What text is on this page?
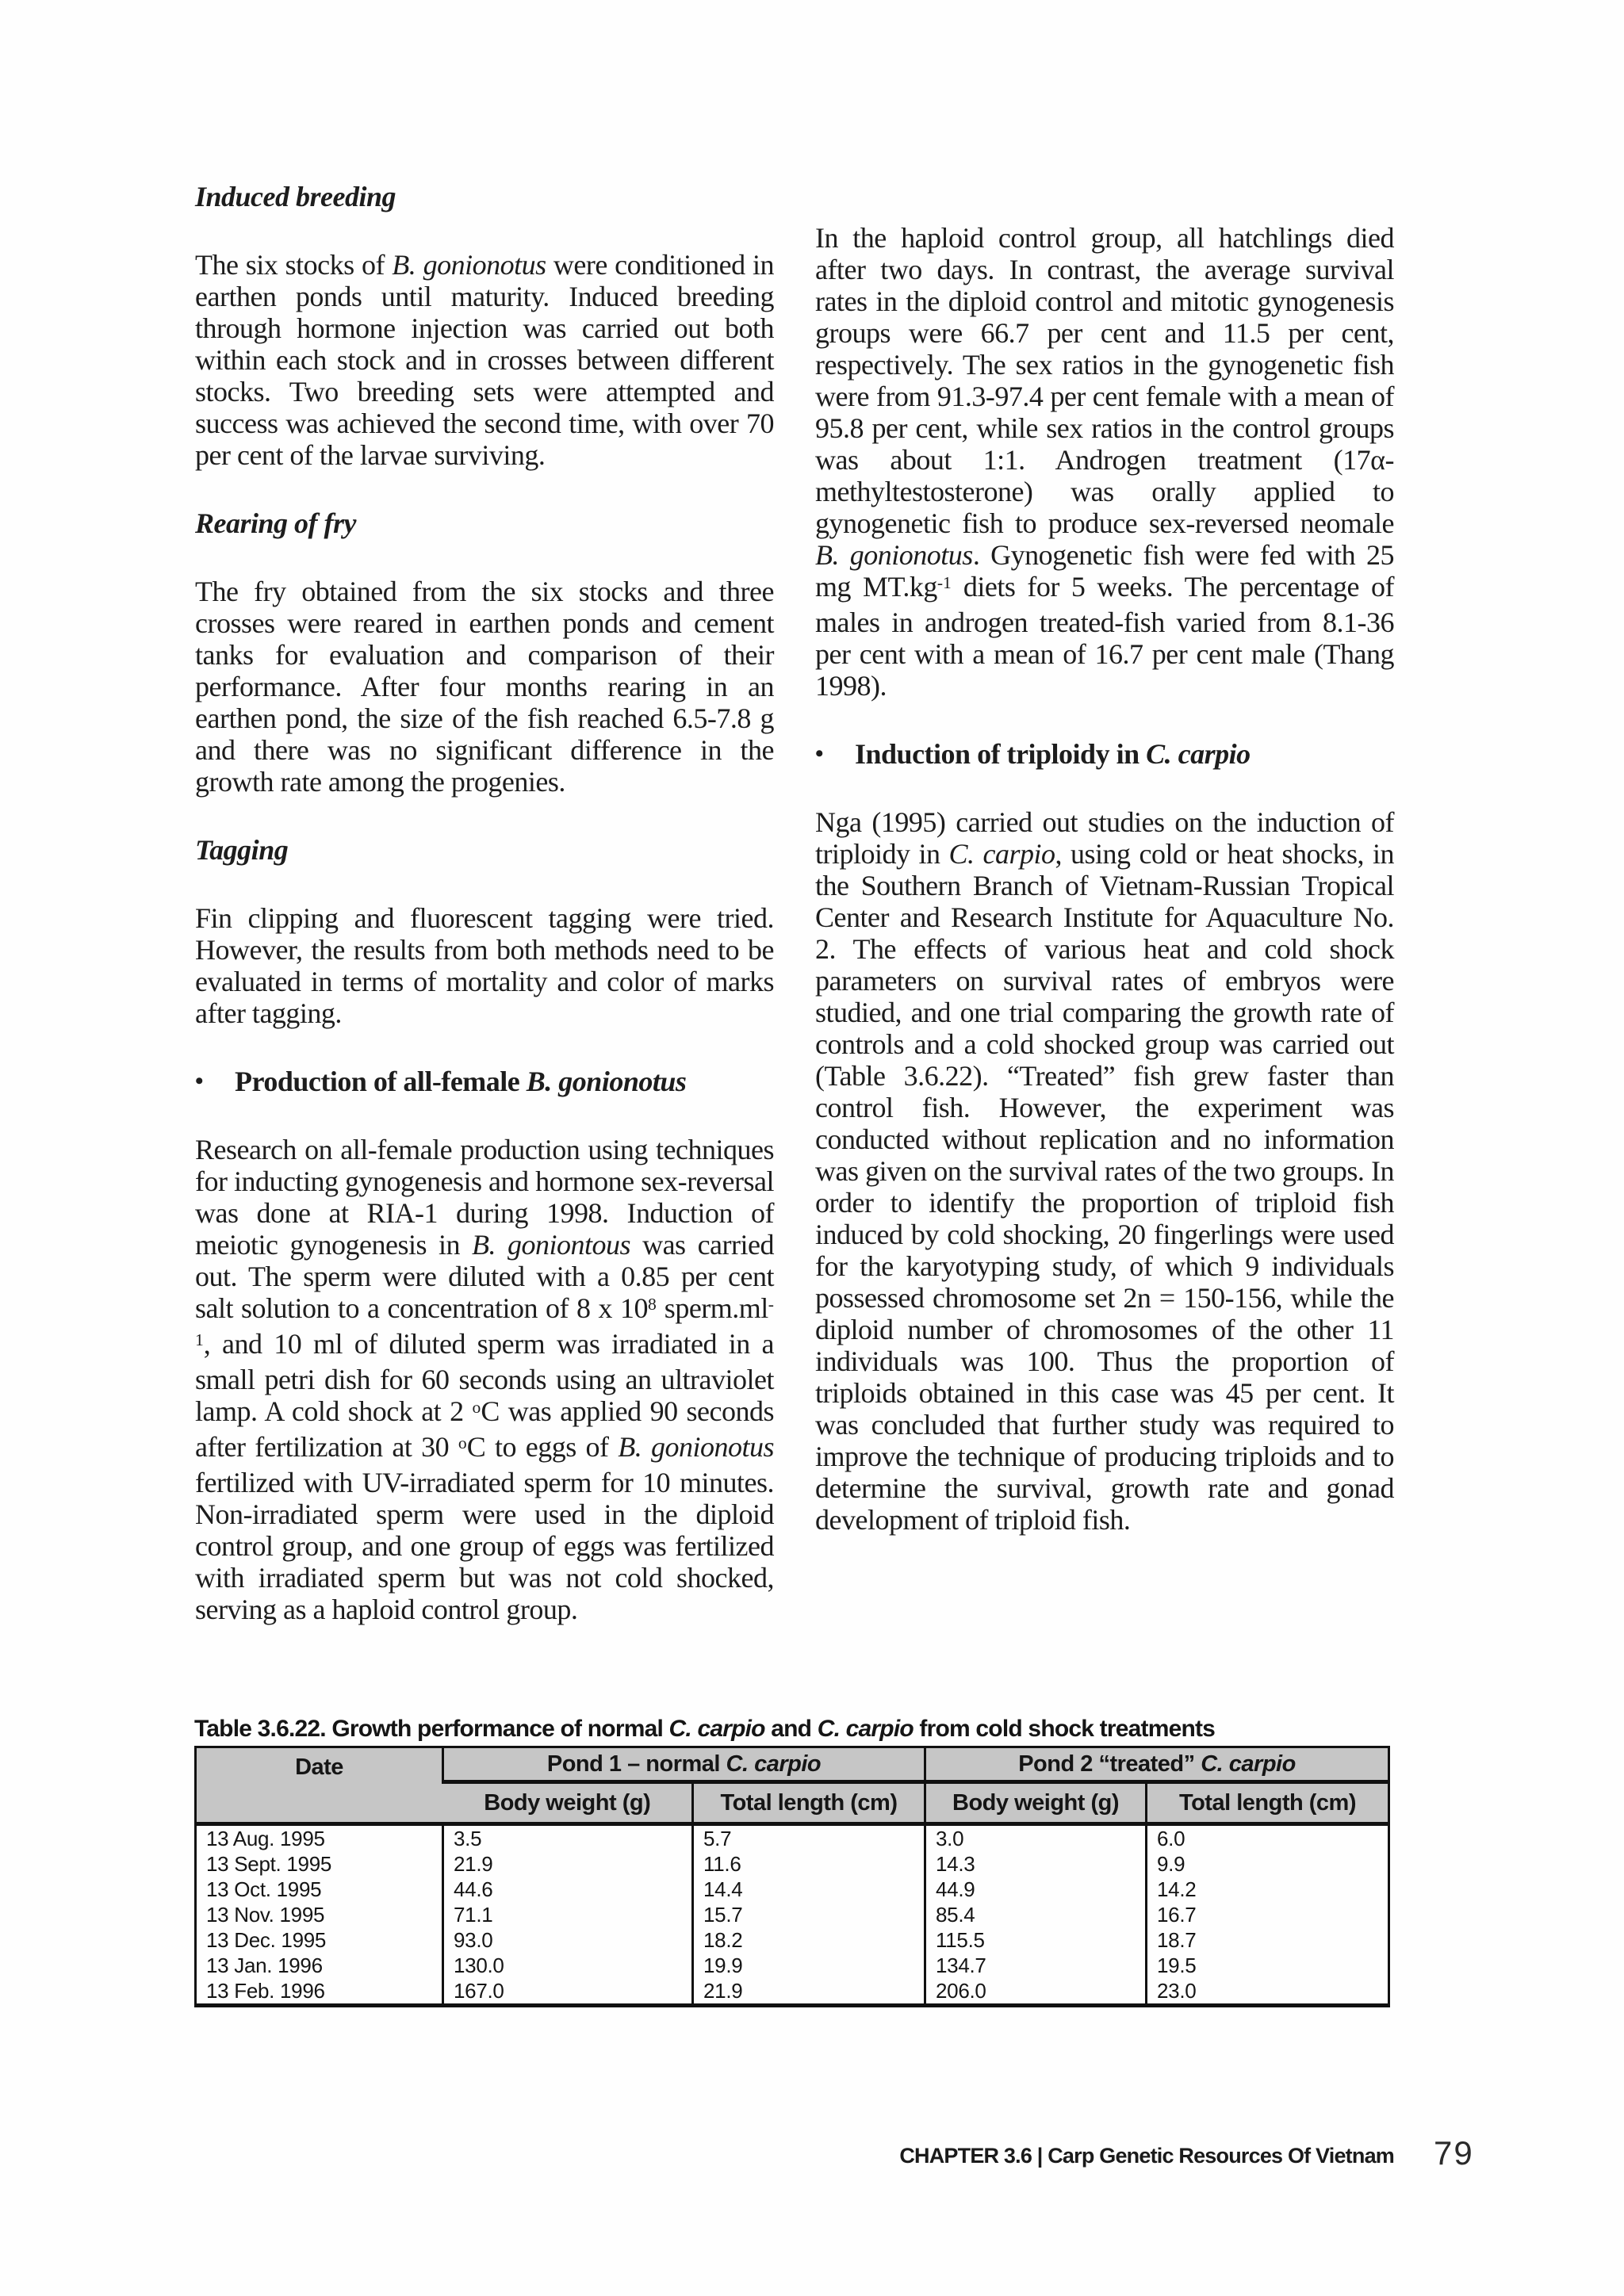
Induced breeding

The six stocks of B. gonionotus were conditioned in earthen ponds until maturity. Induced breeding through hormone injection was carried out both within each stock and in crosses between different stocks. Two breeding sets were attempted and success was achieved the second time, with over 70 per cent of the larvae surviving.

Rearing of fry

The fry obtained from the six stocks and three crosses were reared in earthen ponds and cement tanks for evaluation and comparison of their performance. After four months rearing in an earthen pond, the size of the fish reached 6.5-7.8 g and there was no significant difference in the growth rate among the progenies.

Tagging

Fin clipping and fluorescent tagging were tried. However, the results from both methods need to be evaluated in terms of mortality and color of marks after tagging.

•	Production of all-female B. gonionotus

Research on all-female production using techniques for inducting gynogenesis and hormone sex-reversal was done at RIA-1 during 1998. Induction of meiotic gynogenesis in B. goniontous was carried out. The sperm were diluted with a 0.85 per cent salt solution to a concentration of 8 x $10^8$ $sperm.ml^{-1}$, and 10 ml of diluted sperm was irradiated in a small petri dish for 60 seconds using an ultraviolet lamp. A cold shock at 2 $^o$C was applied 90 seconds after fertilization at 30 $^o$C to eggs of B. gonionotus fertilized with UV-irradiated sperm for 10 minutes. Non-irradiated sperm were used in the diploid control group, and one group of eggs was fertilized with irradiated sperm but was not cold shocked, serving as a haploid control group.

In the haploid control group, all hatchlings died after two days. In contrast, the average survival rates in the diploid control and mitotic gynogenesis groups were 66.7 per cent and 11.5 per cent, respectively. The sex ratios in the gynogenetic fish were from 91.3-97.4 per cent female with a mean of 95.8 per cent, while sex ratios in the control groups was about 1:1. Androgen treatment (17α-methyltestosterone) was orally applied to gynogenetic fish to produce sex-reversed neomale B. gonionotus. Gynogenetic fish were fed with 25 mg $MT.kg^{-1}$ diets for 5 weeks. The percentage of males in androgen treated-fish varied from 8.1-36 per cent with a mean of 16.7 per cent male (Thang 1998).

•	Induction of triploidy in C. carpio

Nga (1995) carried out studies on the induction of triploidy in C. carpio, using cold or heat shocks, in the Southern Branch of Vietnam-Russian Tropical Center and Research Institute for Aquaculture No. 2. The effects of various heat and cold shock parameters on survival rates of embryos were studied, and one trial comparing the growth rate of controls and a cold shocked group was carried out (Table 3.6.22). “Treated” fish grew faster than control fish. However, the experiment was conducted without replication and no information was given on the survival rates of the two groups. In order to identify the proportion of triploid fish induced by cold shocking, 20 fingerlings were used for the karyotyping study, of which 9 individuals possessed chromosome set 2n = 150-156, while the diploid number of chromosomes of the other 11 individuals was 100. Thus the proportion of triploids obtained in this case was 45 per cent. It was concluded that further study was required to improve the technique of producing triploids and to determine the survival, growth rate and gonad development of triploid fish.

Table 3.6.22. Growth performance of normal C. carpio and C. carpio from cold shock treatments

Date	Pond 1 – normal C. carpio		Pond 2 “treated” C. carpio	
	Body weight (g)	Total length (cm)	Body weight (g)	Total length (cm)
13 Aug. 1995	3.5	5.7	3.0	6.0
13 Sept. 1995	21.9	11.6	14.3	9.9
13 Oct. 1995	44.6	14.4	44.9	14.2
13 Nov. 1995	71.1	15.7	85.4	16.7
13 Dec. 1995	93.0	18.2	115.5	18.7
13 Jan. 1996	130.0	19.9	134.7	19.5
13 Feb. 1996	167.0	21.9	206.0	23.0
CHAPTER 3.6 | Carp Genetic Resources Of Vietnam 79
